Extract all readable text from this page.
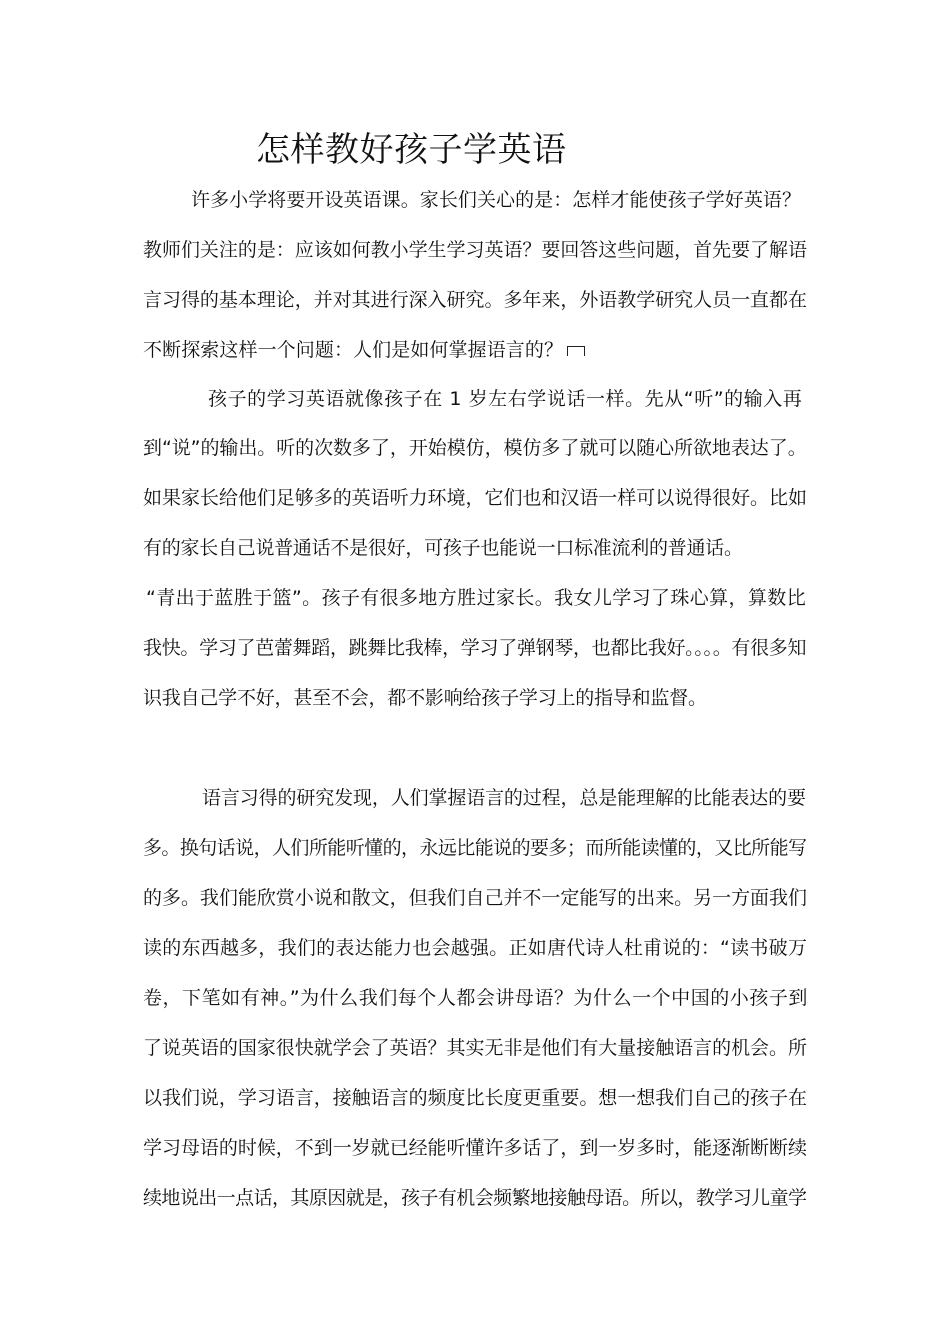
怎样教好孩子学英语
许多小学将要开设英语课。家长们关心的是：怎样才能使孩子学好英语？
教师们关注的是：应该如何教小学生学习英语？要回答这些问题，首先要了解语
言习得的基本理论，并对其进行深入研究。多年来，外语教学研究人员一直都在
不断探索这样一个问题：人们是如何掌握语言的？
孩子的学习英语就像孩子在 1 岁左右学说话一样。先从“听”的输入再
到“说”的输出。听的次数多了，开始模仿，模仿多了就可以随心所欲地表达了。
如果家长给他们足够多的英语听力环境，它们也和汉语一样可以说得很好。比如
有的家长自己说普通话不是很好，可孩子也能说一口标准流利的普通话。
“青出于蓝胜于篮”。孩子有很多地方胜过家长。我女儿学习了珠心算，算数比
我快。学习了芭蕾舞蹈，跳舞比我棒，学习了弹钢琴，也都比我好。。。。有很多知
识我自己学不好，甚至不会，都不影响给孩子学习上的指导和监督。
语言习得的研究发现，人们掌握语言的过程，总是能理解的比能表达的要
多。换句话说，人们所能听懂的，永远比能说的要多；而所能读懂的，又比所能写
的多。我们能欣赏小说和散文，但我们自己并不一定能写的出来。另一方面我们
读的东西越多，我们的表达能力也会越强。正如唐代诗人杜甫说的：“读书破万
卷，下笔如有神。”为什么我们每个人都会讲母语？为什么一个中国的小孩子到
了说英语的国家很快就学会了英语？其实无非是他们有大量接触语言的机会。所
以我们说，学习语言，接触语言的频度比长度更重要。想一想我们自己的孩子在
学习母语的时候，不到一岁就已经能听懂许多话了，到一岁多时，能逐渐断断续
续地说出一点话，其原因就是，孩子有机会频繁地接触母语。所以，教学习儿童学
